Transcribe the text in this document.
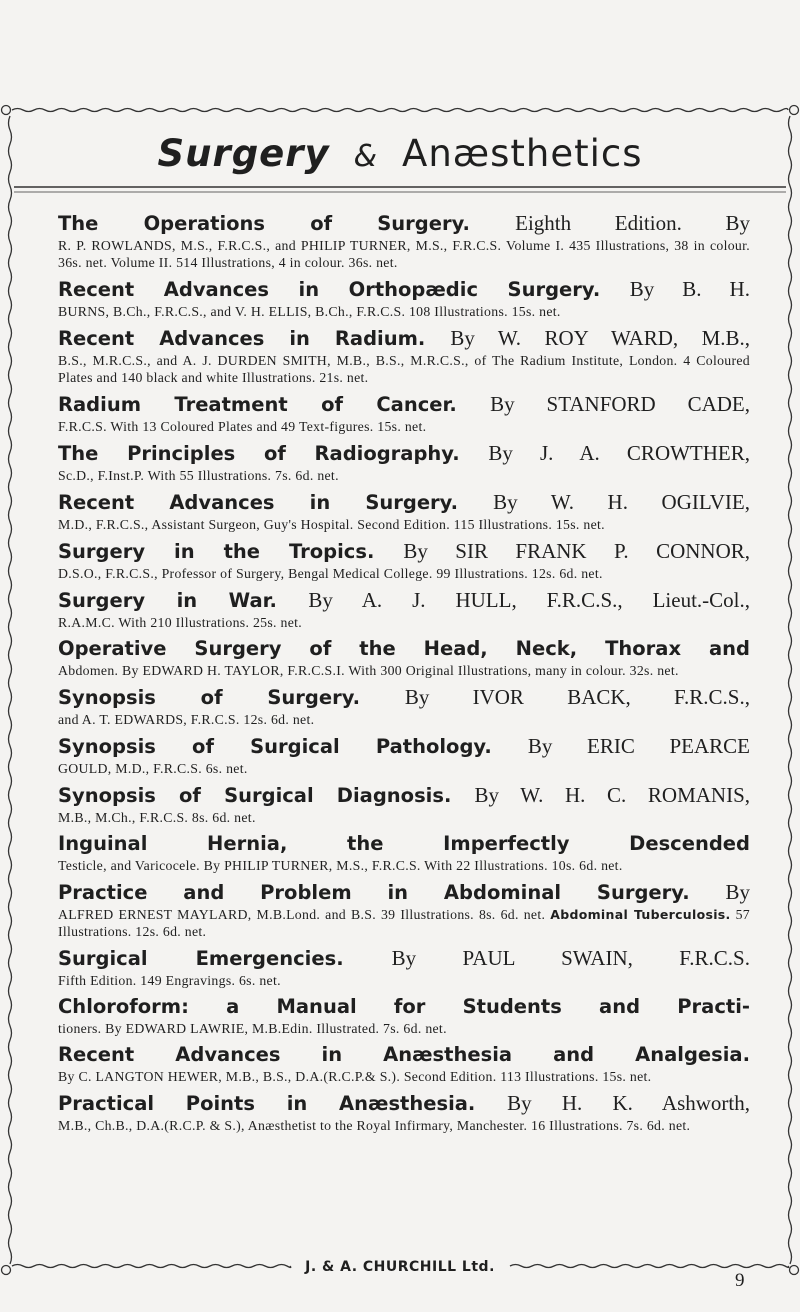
Surgery & Anæsthetics
The Operations of Surgery. Eighth Edition. By
R. P. ROWLANDS, M.S., F.R.C.S., and PHILIP TURNER, M.S., F.R.C.S. Volume I. 435 Illustrations, 38 in colour. 36s. net. Volume II. 514 Illustrations, 4 in colour. 36s. net.
Recent Advances in Orthopædic Surgery. By B. H.
BURNS, B.Ch., F.R.C.S., and V. H. ELLIS, B.Ch., F.R.C.S. 108 Illustrations. 15s. net.
Recent Advances in Radium. By W. ROY WARD, M.B.,
B.S., M.R.C.S., and A. J. DURDEN SMITH, M.B., B.S., M.R.C.S., of The Radium Institute, London. 4 Coloured Plates and 140 black and white Illustrations. 21s. net.
Radium Treatment of Cancer. By STANFORD CADE,
F.R.C.S. With 13 Coloured Plates and 49 Text-figures. 15s. net.
The Principles of Radiography. By J. A. CROWTHER,
Sc.D., F.Inst.P. With 55 Illustrations. 7s. 6d. net.
Recent Advances in Surgery. By W. H. OGILVIE,
M.D., F.R.C.S., Assistant Surgeon, Guy's Hospital. Second Edition. 115 Illustrations. 15s. net.
Surgery in the Tropics. By SIR FRANK P. CONNOR,
D.S.O., F.R.C.S., Professor of Surgery, Bengal Medical College. 99 Illustrations. 12s. 6d. net.
Surgery in War. By A. J. HULL, F.R.C.S., Lieut.-Col.,
R.A.M.C. With 210 Illustrations. 25s. net.
Operative Surgery of the Head, Neck, Thorax and
Abdomen. By EDWARD H. TAYLOR, F.R.C.S.I. With 300 Original Illustrations, many in colour. 32s. net.
Synopsis of Surgery. By IVOR BACK, F.R.C.S.,
and A. T. EDWARDS, F.R.C.S. 12s. 6d. net.
Synopsis of Surgical Pathology. By ERIC PEARCE
GOULD, M.D., F.R.C.S. 6s. net.
Synopsis of Surgical Diagnosis. By W. H. C. ROMANIS,
M.B., M.Ch., F.R.C.S. 8s. 6d. net.
Inguinal Hernia, the Imperfectly Descended
Testicle, and Varicocele. By PHILIP TURNER, M.S., F.R.C.S. With 22 Illustrations. 10s. 6d. net.
Practice and Problem in Abdominal Surgery. By
ALFRED ERNEST MAYLARD, M.B.Lond. and B.S. 39 Illustrations. 8s. 6d. net. Abdominal Tuberculosis. 57 Illustrations. 12s. 6d. net.
Surgical Emergencies. By PAUL SWAIN, F.R.C.S.
Fifth Edition. 149 Engravings. 6s. net.
Chloroform: a Manual for Students and Practi-
tioners. By EDWARD LAWRIE, M.B.Edin. Illustrated. 7s. 6d. net.
Recent Advances in Anæsthesia and Analgesia.
By C. LANGTON HEWER, M.B., B.S., D.A.(R.C.P.& S.). Second Edition. 113 Illustrations. 15s. net.
Practical Points in Anæsthesia. By H. K. Ashworth,
M.B., Ch.B., D.A.(R.C.P. & S.), Anæsthetist to the Royal Infirmary, Manchester. 16 Illustrations. 7s. 6d. net.
J. & A. CHURCHILL Ltd.
9
